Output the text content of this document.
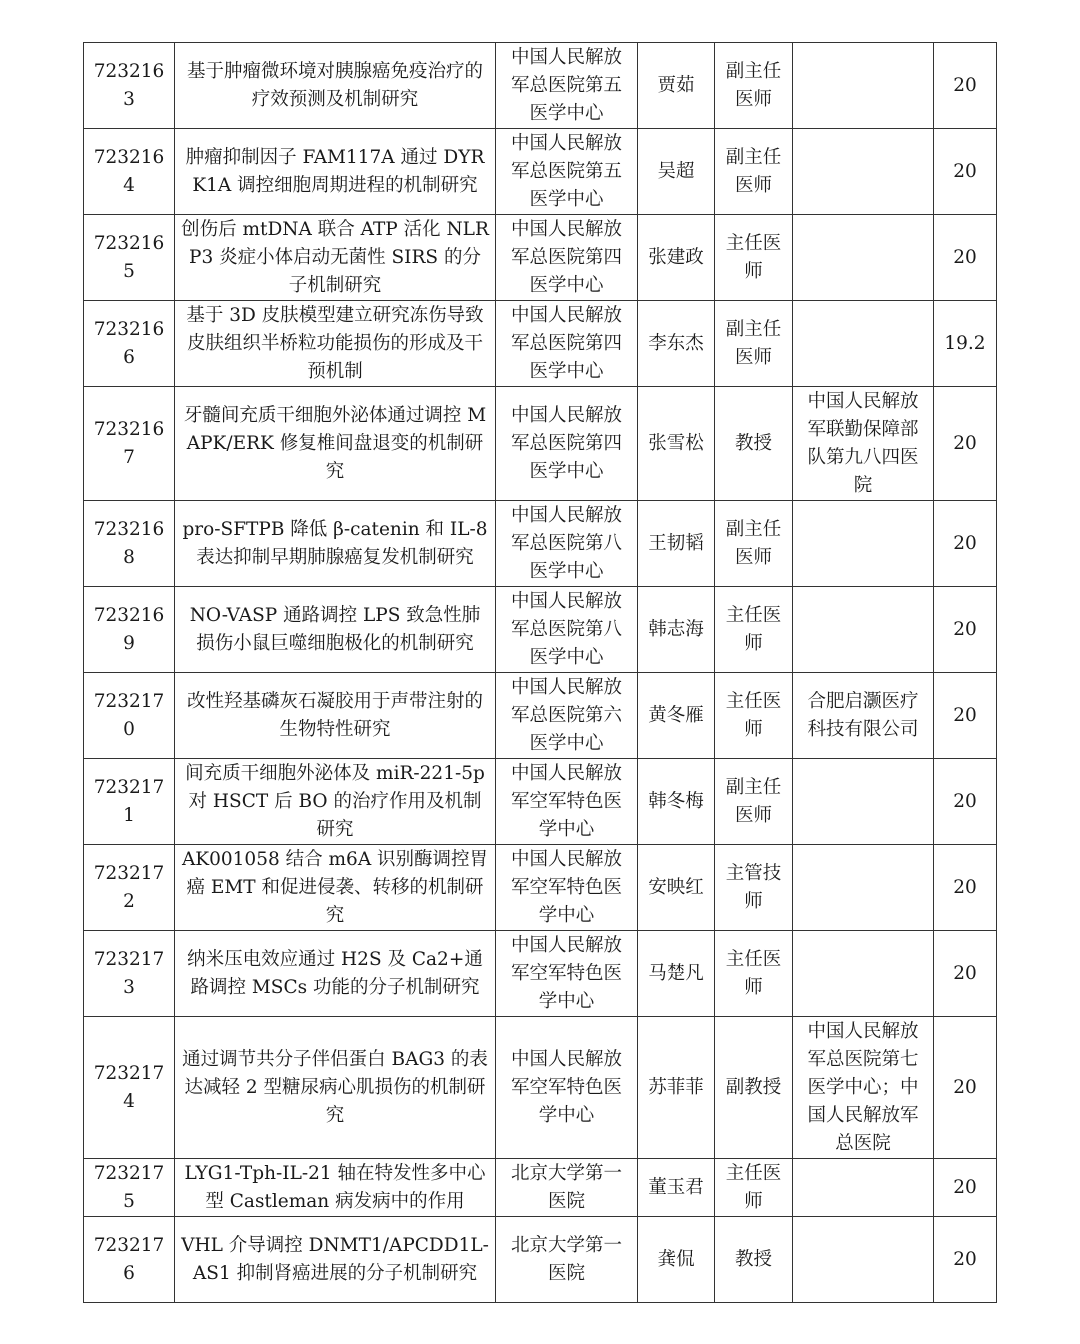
7232163	基于肿瘤微环境对胰腺癌免疫治疗的疗效预测及机制研究	中国人民解放军总医院第五医学中心	贾茹	副主任医师		20
7232164	肿瘤抑制因子 FAM117A 通过 DYRK1A 调控细胞周期进程的机制研究	中国人民解放军总医院第五医学中心	吴超	副主任医师		20
7232165	创伤后 mtDNA 联合 ATP 活化 NLRP3 炎症小体启动无菌性 SIRS 的分子机制研究	中国人民解放军总医院第四医学中心	张建政	主任医师		20
7232166	基于 3D 皮肤模型建立研究冻伤导致皮肤组织半桥粒功能损伤的形成及干预机制	中国人民解放军总医院第四医学中心	李东杰	副主任医师		19.2
7232167	牙髓间充质干细胞外泌体通过调控 MAPK/ERK 修复椎间盘退变的机制研究	中国人民解放军总医院第四医学中心	张雪松	教授	中国人民解放军联勤保障部队第九八四医院	20
7232168	pro-SFTPB 降低 β-catenin 和 IL-8 表达抑制早期肺腺癌复发机制研究	中国人民解放军总医院第八医学中心	王韧韬	副主任医师		20
7232169	NO-VASP 通路调控 LPS 致急性肺损伤小鼠巨噬细胞极化的机制研究	中国人民解放军总医院第八医学中心	韩志海	主任医师		20
7232170	改性羟基磷灰石凝胶用于声带注射的生物特性研究	中国人民解放军总医院第六医学中心	黄冬雁	主任医师	合肥启灏医疗科技有限公司	20
7232171	间充质干细胞外泌体及 miR-221-5p 对 HSCT 后 BO 的治疗作用及机制研究	中国人民解放军空军特色医学中心	韩冬梅	副主任医师		20
7232172	AK001058 结合 m6A 识别酶调控胃癌 EMT 和促进侵袭、转移的机制研究	中国人民解放军空军特色医学中心	安映红	主管技师		20
7232173	纳米压电效应通过 H2S 及 Ca2+通路调控 MSCs 功能的分子机制研究	中国人民解放军空军特色医学中心	马楚凡	主任医师		20
7232174	通过调节共分子伴侣蛋白 BAG3 的表达减轻 2 型糖尿病心肌损伤的机制研究	中国人民解放军空军特色医学中心	苏菲菲	副教授	中国人民解放军总医院第七医学中心；中国人民解放军总医院	20
7232175	LYG1-Tph-IL-21 轴在特发性多中心型 Castleman 病发病中的作用	北京大学第一医院	董玉君	主任医师		20
7232176	VHL 介导调控 DNMT1/APCDD1L-AS1 抑制肾癌进展的分子机制研究	北京大学第一医院	龚侃	教授		20
